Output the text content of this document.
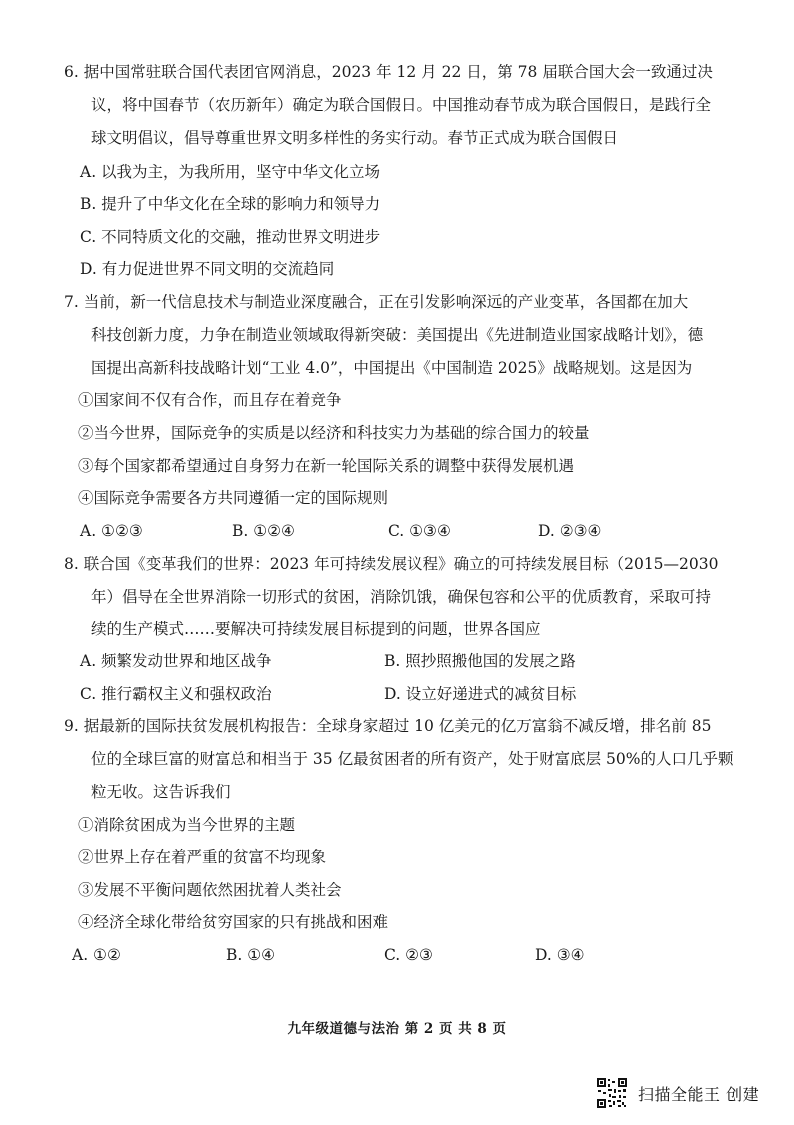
6. 据中国常驻联合国代表团官网消息，2023 年 12 月 22 日，第 78 届联合国大会一致通过决
议，将中国春节（农历新年）确定为联合国假日。中国推动春节成为联合国假日，是践行全
球文明倡议，倡导尊重世界文明多样性的务实行动。春节正式成为联合国假日
A. 以我为主，为我所用，坚守中华文化立场
B. 提升了中华文化在全球的影响力和领导力
C. 不同特质文化的交融，推动世界文明进步
D. 有力促进世界不同文明的交流趋同
7. 当前，新一代信息技术与制造业深度融合，正在引发影响深远的产业变革，各国都在加大
科技创新力度，力争在制造业领域取得新突破：美国提出《先进制造业国家战略计划》，德
国提出高新科技战略计划“工业 4.0”，中国提出《中国制造 2025》战略规划。这是因为
①国家间不仅有合作，而且存在着竞争
②当今世界，国际竞争的实质是以经济和科技实力为基础的综合国力的较量
③每个国家都希望通过自身努力在新一轮国际关系的调整中获得发展机遇
④国际竞争需要各方共同遵循一定的国际规则
A. ①②③	B. ①②④	C. ①③④	D. ②③④
8. 联合国《变革我们的世界：2023 年可持续发展议程》确立的可持续发展目标（2015—2030
年）倡导在全世界消除一切形式的贫困，消除饥饿，确保包容和公平的优质教育，采取可持
续的生产模式……要解决可持续发展目标提到的问题，世界各国应
A. 频繁发动世界和地区战争	B. 照抄照搬他国的发展之路
C. 推行霸权主义和强权政治	D. 设立好递进式的减贫目标
9. 据最新的国际扶贫发展机构报告：全球身家超过 10 亿美元的亿万富翁不减反增，排名前 85
位的全球巨富的财富总和相当于 35 亿最贫困者的所有资产，处于财富底层 50%的人口几乎颗
粒无收。这告诉我们
①消除贫困成为当今世界的主题
②世界上存在着严重的贫富不均现象
③发展不平衡问题依然困扰着人类社会
④经济全球化带给贫穷国家的只有挑战和困难
A. ①②	B. ①④	C. ②③	D. ③④
九年级道德与法治 第 2 页 共 8 页
扫描全能王 创建
